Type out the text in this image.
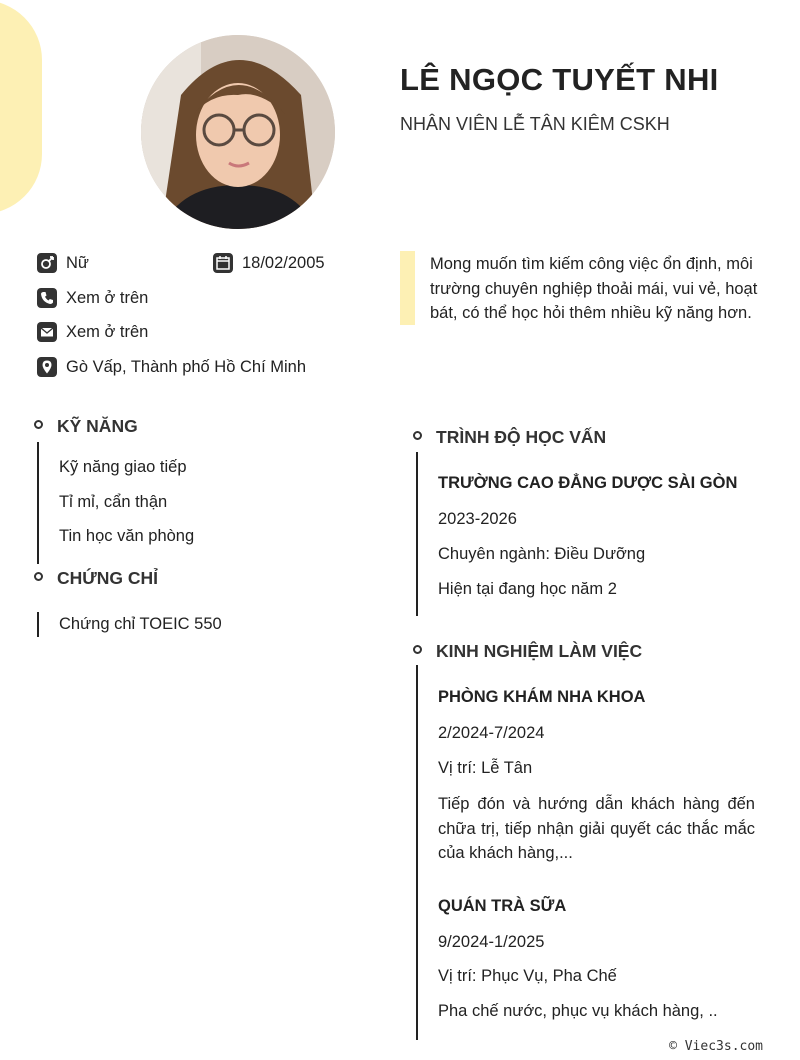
LÊ NGỌC TUYẾT NHI
NHÂN VIÊN LỄ TÂN KIÊM CSKH
Nữ	18/02/2005
Xem ở trên
Xem ở trên
Gò Vấp, Thành phố Hồ Chí Minh
Mong muốn tìm kiếm công việc ổn định, môi trường chuyên nghiệp thoải mái, vui vẻ, hoạt bát, có thể học hỏi thêm nhiều kỹ năng hơn.
KỸ NĂNG
Kỹ năng giao tiếp
Tỉ mỉ, cẩn thận
Tin học văn phòng
CHỨNG CHỈ
Chứng chỉ TOEIC 550
TRÌNH ĐỘ HỌC VẤN
TRƯỜNG CAO ĐẲNG DƯỢC SÀI GÒN
2023-2026
Chuyên ngành: Điều Dưỡng
Hiện tại đang học năm 2
KINH NGHIỆM LÀM VIỆC
PHÒNG KHÁM NHA KHOA
2/2024-7/2024
Vị trí: Lễ Tân
Tiếp đón và hướng dẫn khách hàng đến chữa trị, tiếp nhận giải quyết các thắc mắc của khách hàng,...
QUÁN TRÀ SỮA
9/2024-1/2025
Vị trí: Phục Vụ, Pha Chế
Pha chế nước, phục vụ khách hàng, ..
© Viec3s.com
